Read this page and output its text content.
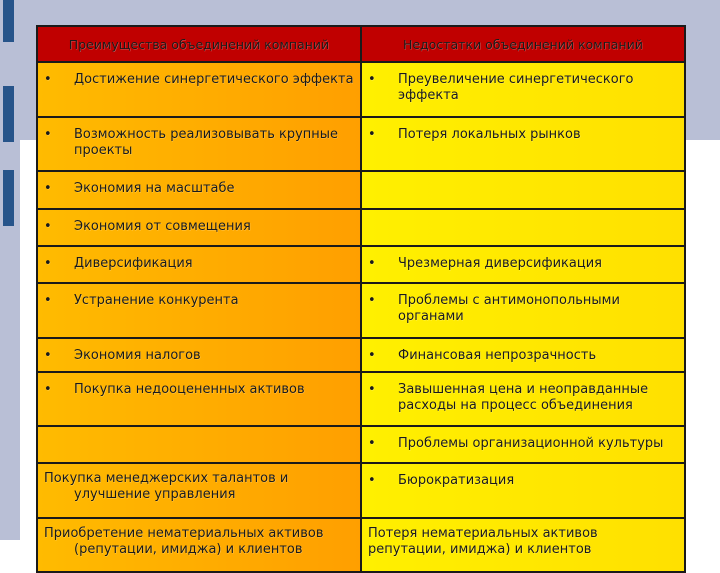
Преимущества объединений компаний	Недостатки объединений компаний

• Достижение синергетического эффекта	• Преувеличение синергетического эффекта

• Возможность реализовывать крупные проекты	• Потеря локальных рынков

• Экономия на масштабе	

• Экономия от совмещения	

• Диверсификация	• Чрезмерная диверсификация

• Устранение конкурента	• Проблемы с антимонопольными органами

• Экономия налогов	• Финансовая непрозрачность

• Покупка недооцененных активов	• Завышенная цена и неоправданные расходы на процесс объединения

	• Проблемы организационной культуры

Покупка менеджерских талантов и улучшение управления	• Бюрократизация

Приобретение нематериальных активов (репутации, имиджа) и клиентов	Потеря нематериальных активов репутации, имиджа) и клиентов
